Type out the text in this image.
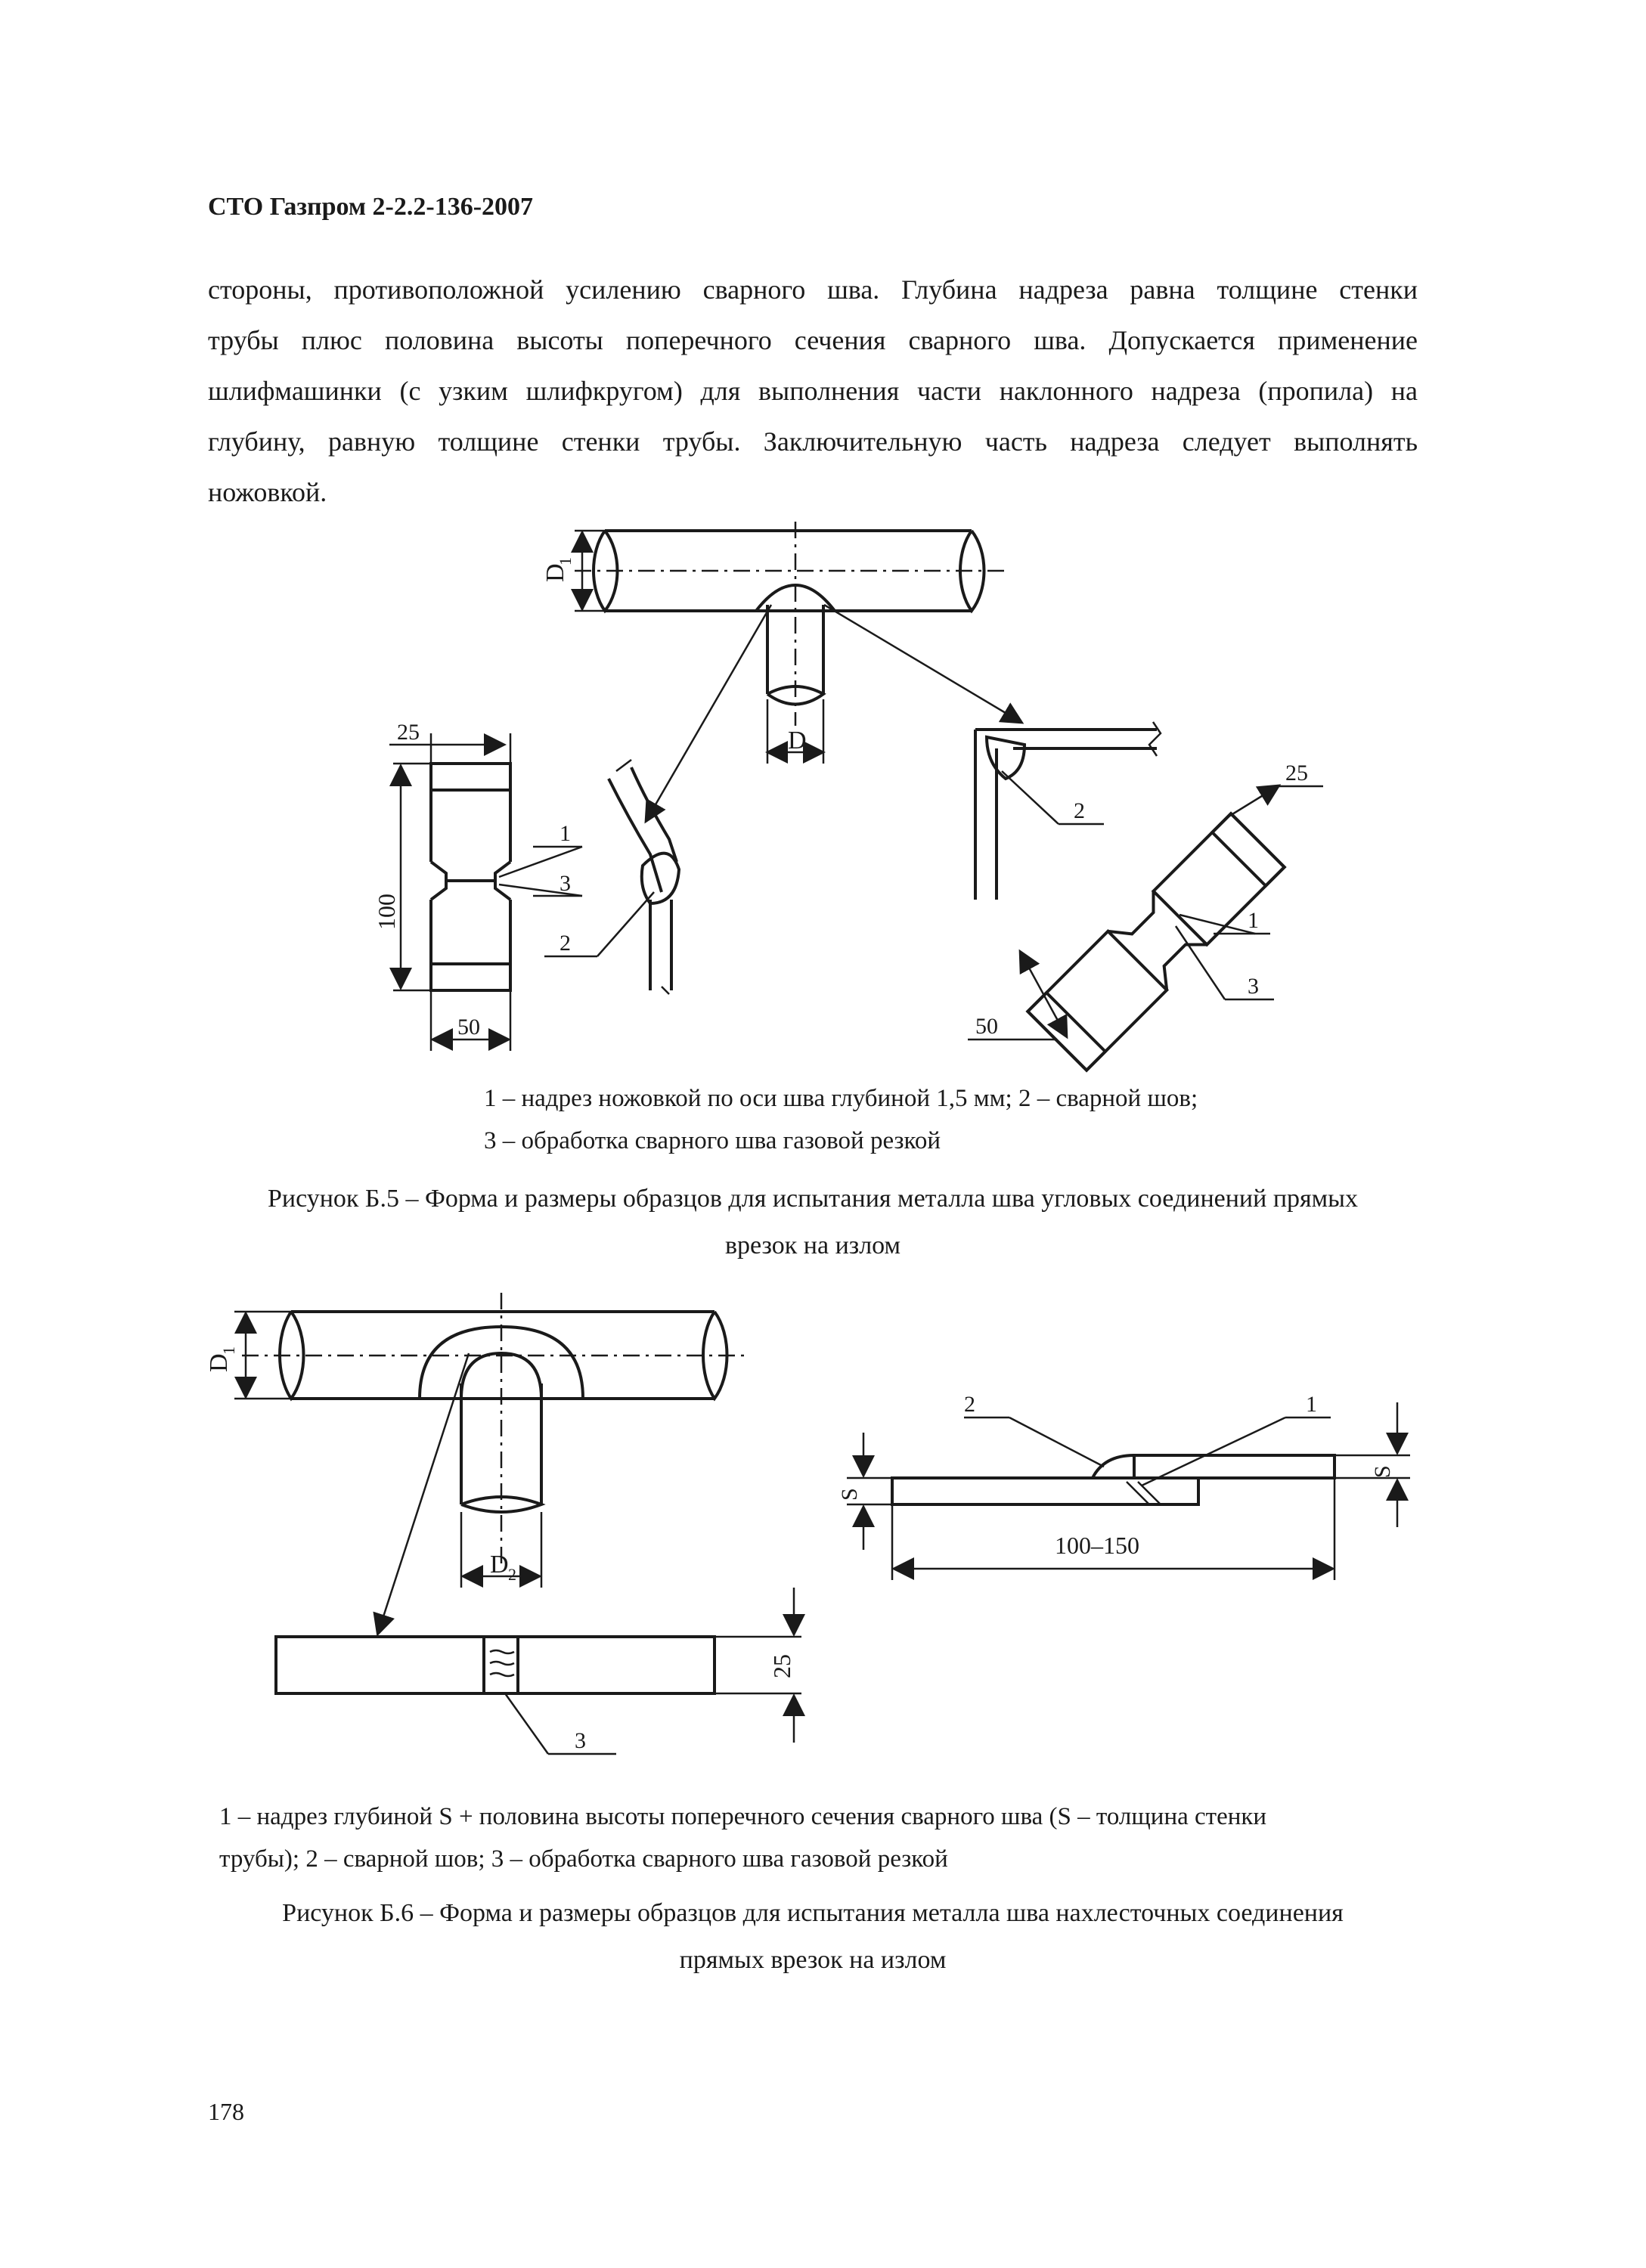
СТО Газпром 2-2.2-136-2007
стороны, противоположной усилению сварного шва. Глубина надреза равна толщине стенки
трубы плюс половина высоты поперечного сечения сварного шва. Допускается применение
шлифмашинки (с узким шлифкругом) для выполнения части наклонного надреза (пропила) на
глубину, равную толщине стенки трубы. Заключительную часть надреза следует выполнять
ножовкой.
D 2
D
1
25
100
50
1
3
2
2
25
50
1
3
D 2
D
1
25
3
100–150
S
S
2	1
1 – надрез ножовкой по оси шва глубиной 1,5 мм; 2 – сварной шов;
3 – обработка сварного шва газовой резкой
Рисунок Б.5 – Форма и размеры образцов для испытания металла шва угловых соединений прямых
врезок на излом
1 – надрез глубиной S + половина высоты поперечного сечения сварного шва (S – толщина стенки
трубы); 2 – сварной шов; 3 – обработка сварного шва газовой резкой
Рисунок Б.6 – Форма и размеры образцов для испытания металла шва нахлесточных соединения
прямых врезок на излом
178
